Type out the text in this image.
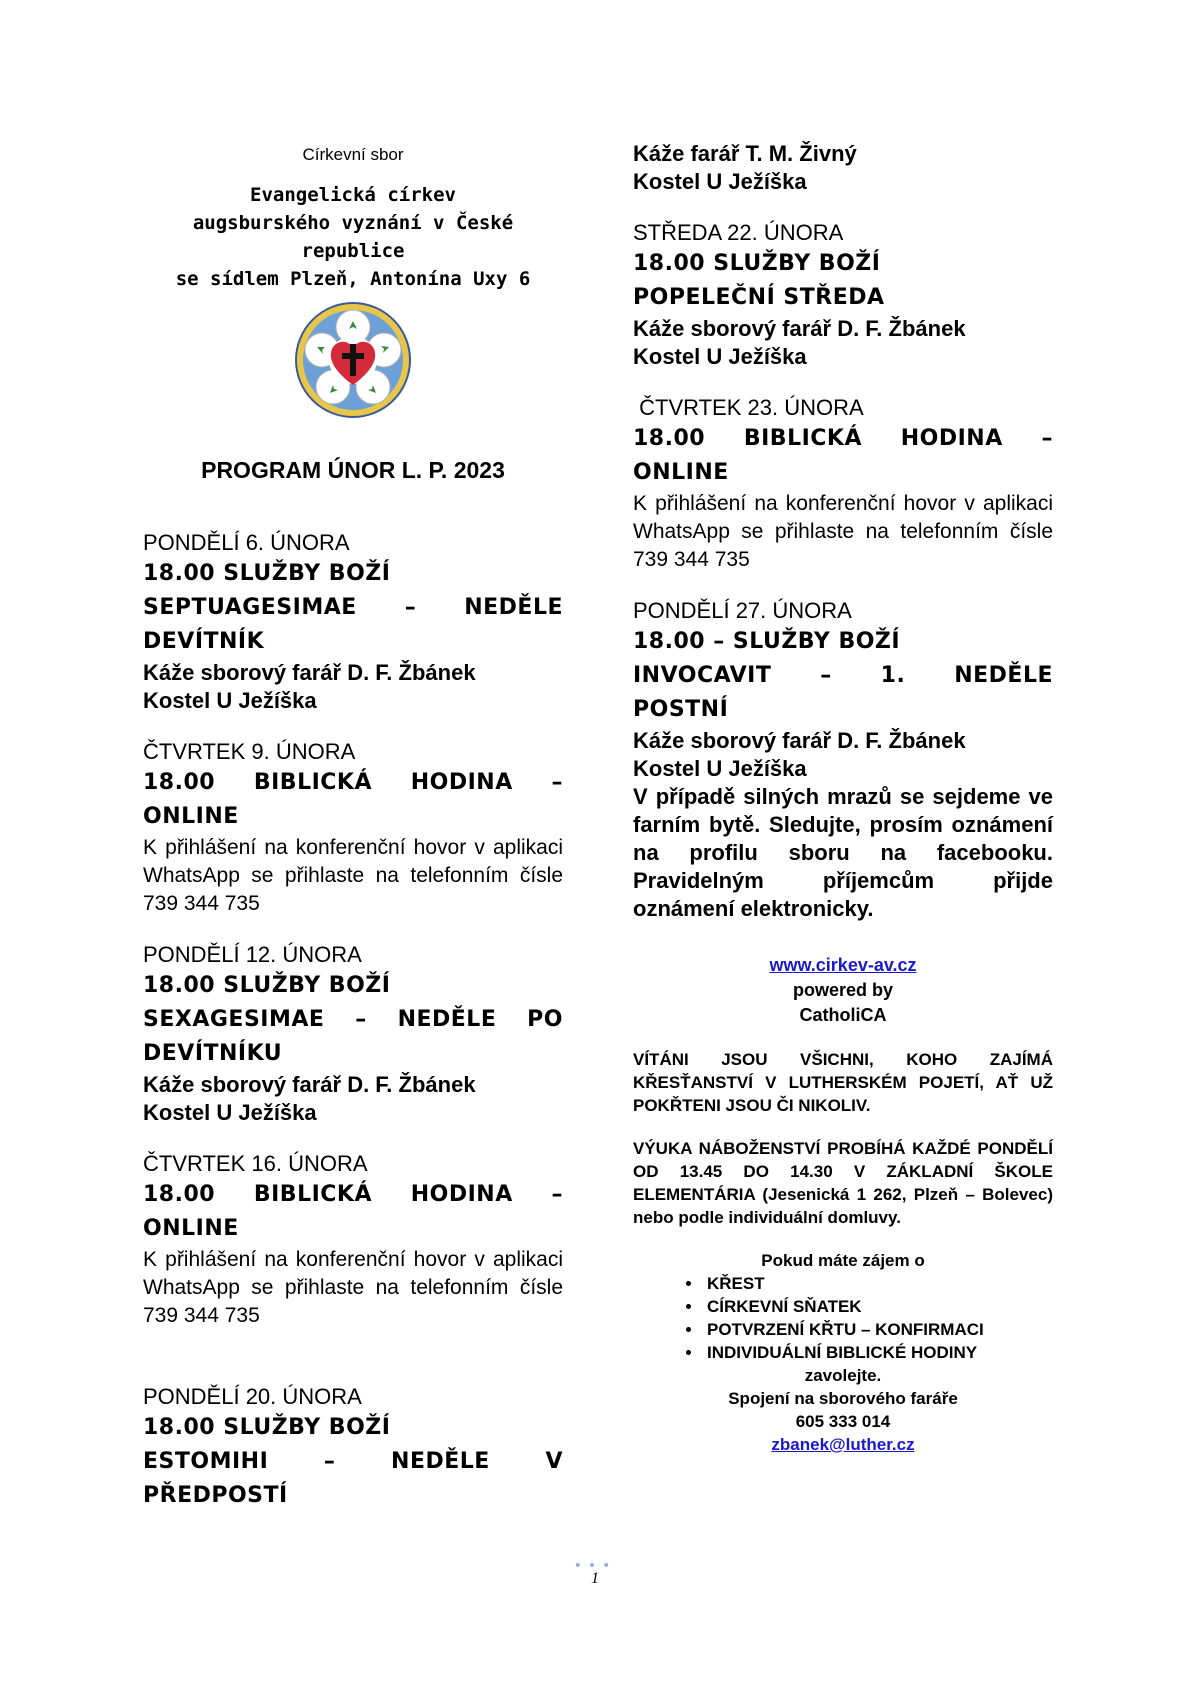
Církevní sbor
Evangelická církev
augsburského vyznání v České
republice
se sídlem Plzeň, Antonína Uxy 6
PROGRAM ÚNOR L. P. 2023
PONDĚLÍ 6. ÚNORA
18.00 SLUŽBY BOŽÍ
SEPTUAGESIMAE – NEDĚLE
DEVÍTNÍK
Káže sborový farář D. F. Žbánek
Kostel U Ježíška
ČTVRTEK 9. ÚNORA
18.00 BIBLICKÁ HODINA –
ONLINE
K přihlášení na konferenční hovor v aplikaci WhatsApp se přihlaste na telefonním čísle 739 344 735
PONDĚLÍ 12. ÚNORA
18.00 SLUŽBY BOŽÍ
SEXAGESIMAE – NEDĚLE PO
DEVÍTNÍKU
Káže sborový farář D. F. Žbánek
Kostel U Ježíška
ČTVRTEK 16. ÚNORA
18.00 BIBLICKÁ HODINA –
ONLINE
K přihlášení na konferenční hovor v aplikaci WhatsApp se přihlaste na telefonním čísle 739 344 735
PONDĚLÍ 20. ÚNORA
18.00 SLUŽBY BOŽÍ
ESTOMIHI – NEDĚLE V
PŘEDPOSTÍ
Káže farář T. M. Živný
Kostel U Ježíška
STŘEDA 22. ÚNORA
18.00 SLUŽBY BOŽÍ
POPELEČNÍ STŘEDA
Káže sborový farář D. F. Žbánek
Kostel U Ježíška
ČTVRTEK 23. ÚNORA
18.00 BIBLICKÁ HODINA –
ONLINE
K přihlášení na konferenční hovor v aplikaci WhatsApp se přihlaste na telefonním čísle 739 344 735
PONDĚLÍ 27. ÚNORA
18.00 – SLUŽBY BOŽÍ
INVOCAVIT – 1. NEDĚLE
POSTNÍ
Káže sborový farář D. F. Žbánek
Kostel U Ježíška
V případě silných mrazů se sejdeme ve farním bytě. Sledujte, prosím oznámení na profilu sboru na facebooku. Pravidelným příjemcům přijde oznámení elektronicky.
www.cirkev-av.cz
powered by
CatholiCA
VÍTÁNI JSOU VŠICHNI, KOHO ZAJÍMÁ KŘESŤANSTVÍ V LUTHERSKÉM POJETÍ, AŤ UŽ POKŘTENI JSOU ČI NIKOLIV.
VÝUKA NÁBOŽENSTVÍ PROBÍHÁ KAŽDÉ PONDĚLÍ OD 13.45 DO 14.30 V ZÁKLADNÍ ŠKOLE ELEMENTÁRIA (Jesenická 1 262, Plzeň – Bolevec) nebo podle individuální domluvy.
Pokud máte zájem o
• KŘEST
• CÍRKEVNÍ SŇATEK
• POTVRZENÍ KŘTU – KONFIRMACI
• INDIVIDUÁLNÍ BIBLICKÉ HODINY
zavolejte.
Spojení na sborového faráře
605 333 014
zbanek@luther.cz
•••
1
